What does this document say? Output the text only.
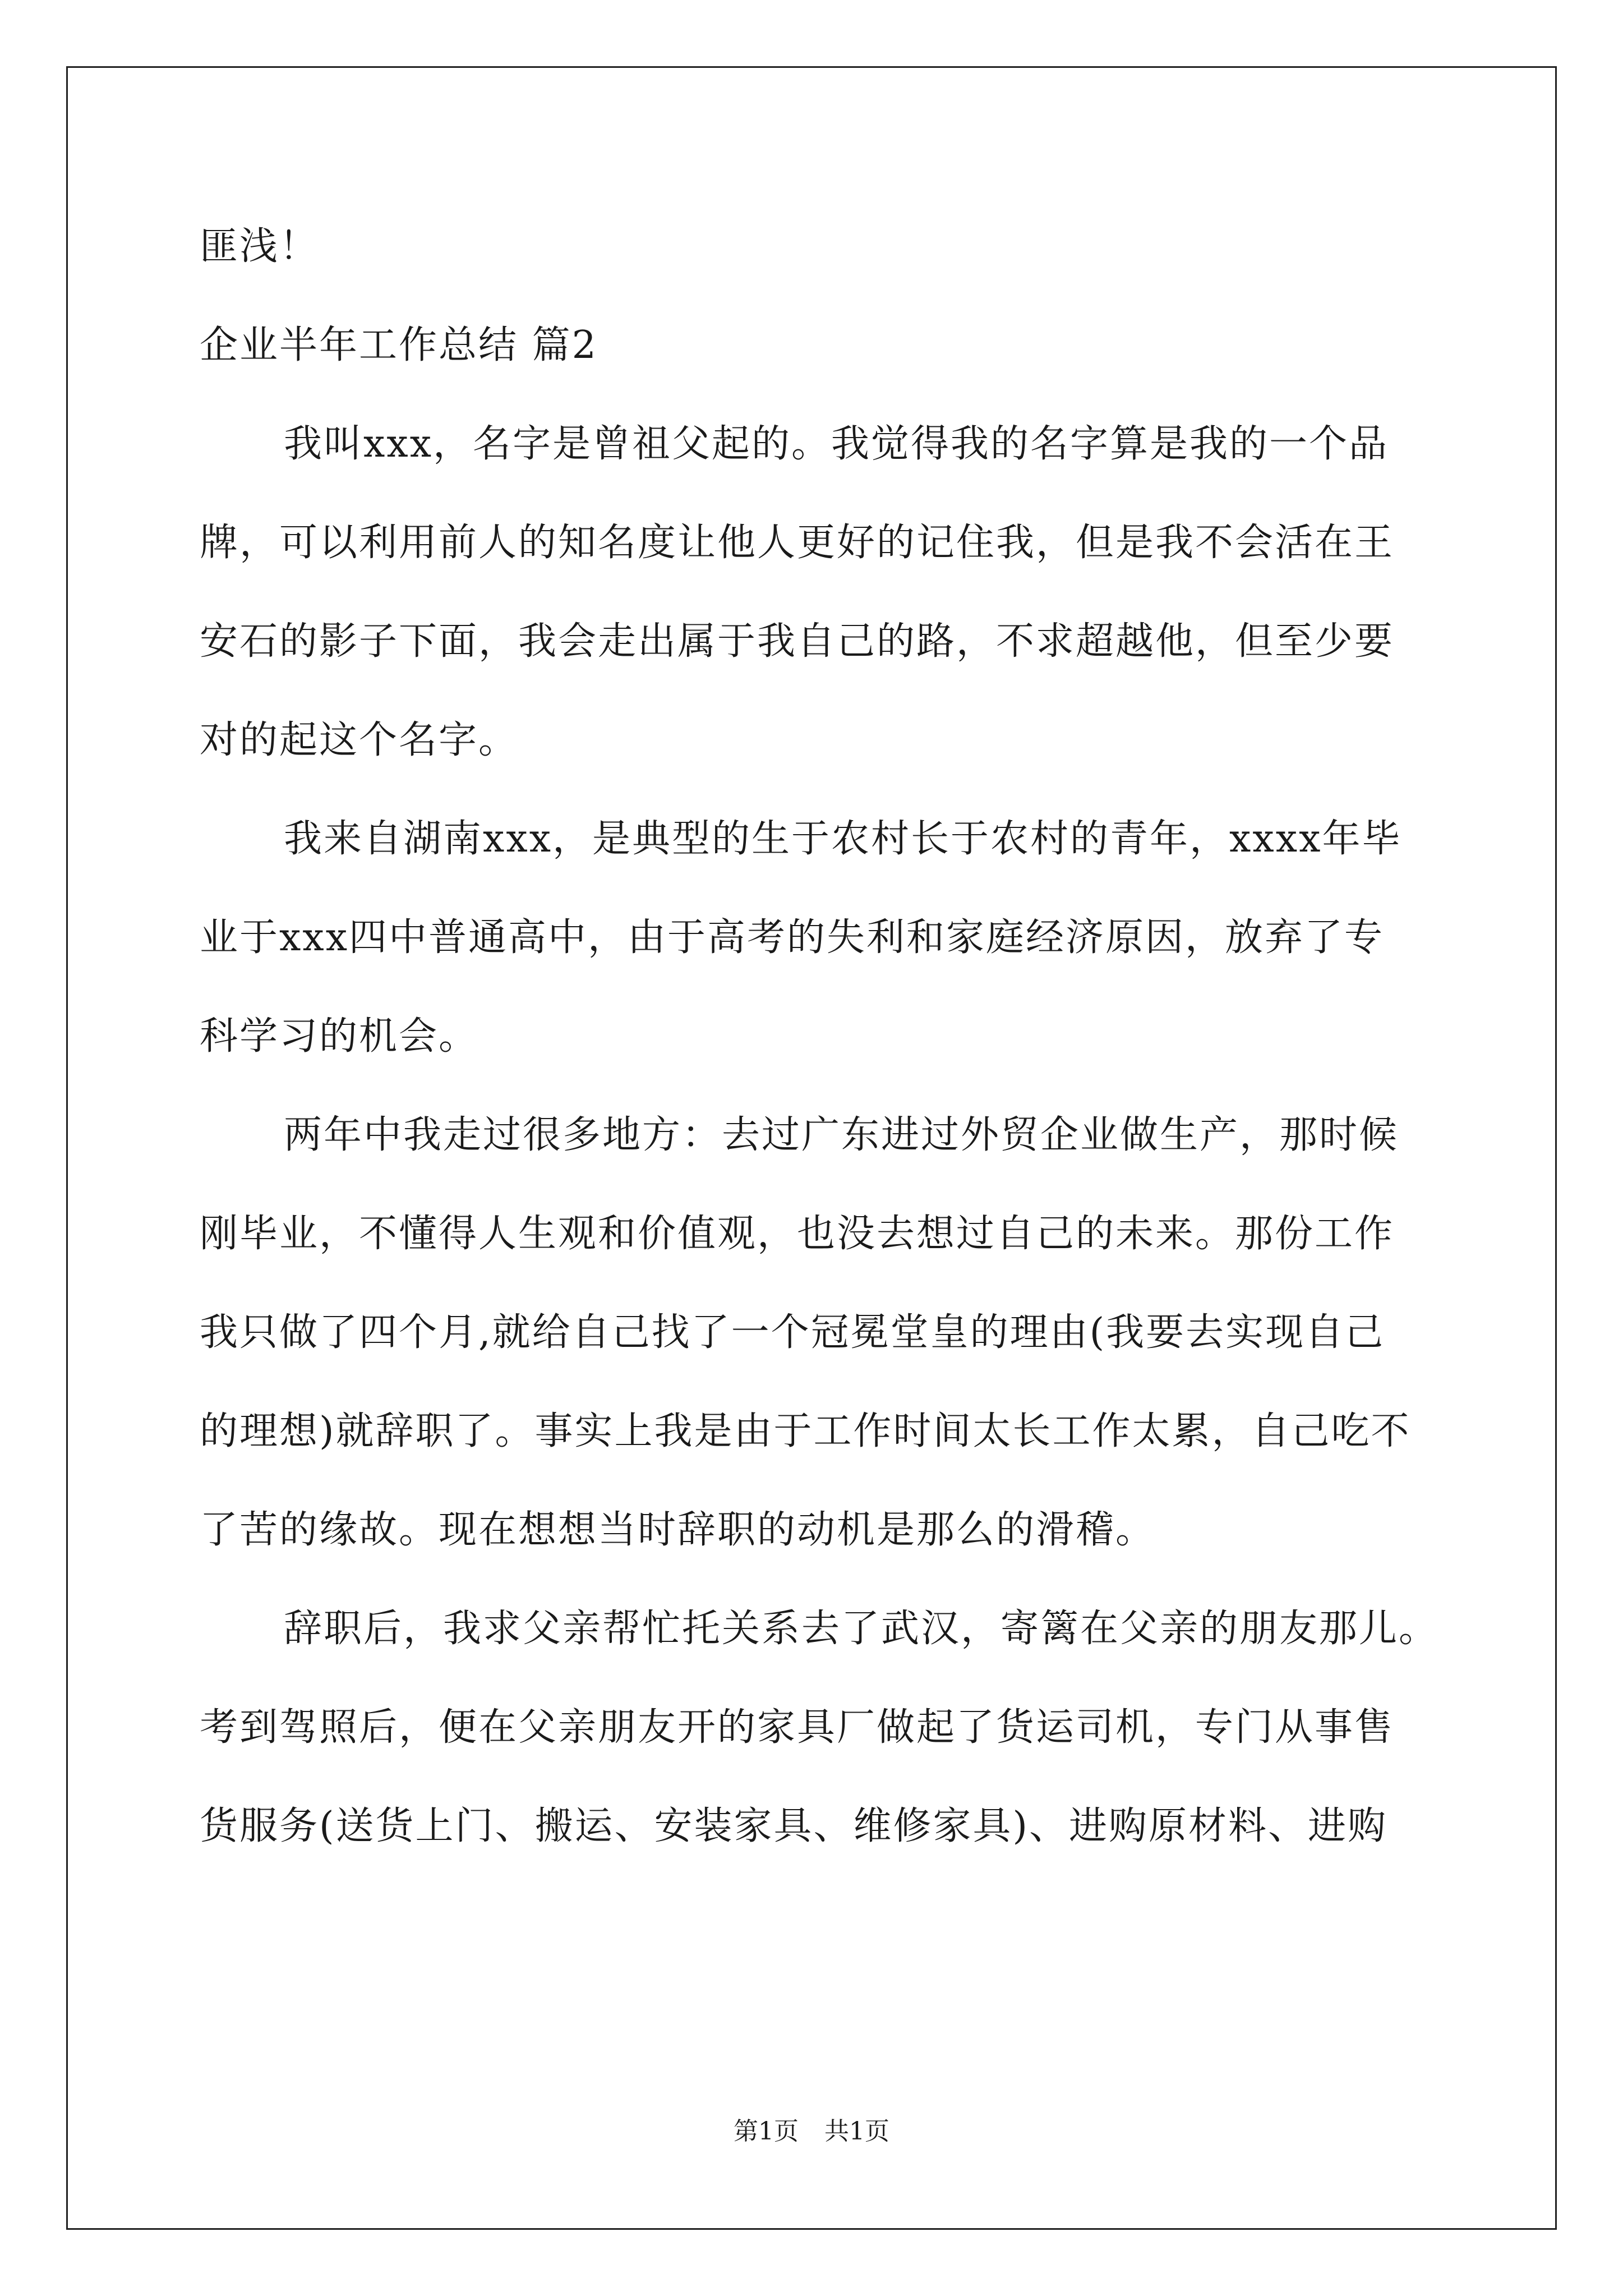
匪浅！
企业半年工作总结 篇2
我叫xxx，名字是曾祖父起的。我觉得我的名字算是我的一个品
牌，可以利用前人的知名度让他人更好的记住我，但是我不会活在王
安石的影子下面，我会走出属于我自己的路，不求超越他，但至少要
对的起这个名字。
我来自湖南xxx，是典型的生于农村长于农村的青年，xxxx年毕
业于xxx四中普通高中，由于高考的失利和家庭经济原因，放弃了专
科学习的机会。
两年中我走过很多地方：去过广东进过外贸企业做生产，那时候
刚毕业，不懂得人生观和价值观，也没去想过自己的未来。那份工作
我只做了四个月,就给自己找了一个冠冕堂皇的理由(我要去实现自己
的理想)就辞职了。事实上我是由于工作时间太长工作太累，自己吃不
了苦的缘故。现在想想当时辞职的动机是那么的滑稽。
辞职后，我求父亲帮忙托关系去了武汉，寄篱在父亲的朋友那儿。
考到驾照后，便在父亲朋友开的家具厂做起了货运司机，专门从事售
货服务(送货上门、搬运、安装家具、维修家具)、进购原材料、进购
第1页 共1页
